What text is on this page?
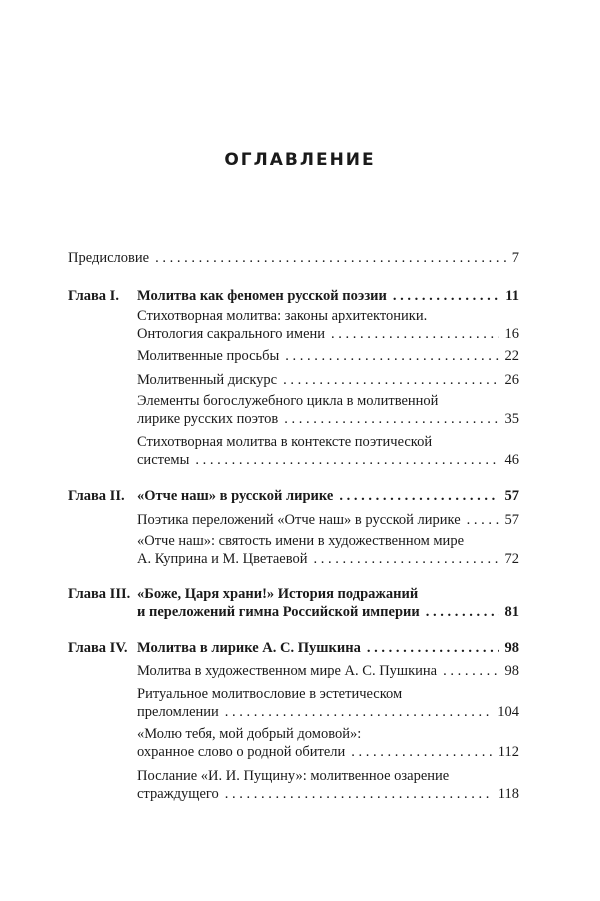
ОГЛАВЛЕНИЕ
Предисловие . . .	7
Глава I. Молитва как феномен русской поэзии . . .	11
Стихотворная молитва: законы архитектоники.
Онтология сакрального имени . . .	16
Молитвенные просьбы . . .	22
Молитвенный дискурс . . .	26
Элементы богослужебного цикла в молитвенной
лирике русских поэтов . . .	35
Стихотворная молитва в контексте поэтической
системы . . .	46
Глава II. «Отче наш» в русской лирике . . .	57
Поэтика переложений «Отче наш» в русской лирике . . .	57
«Отче наш»: святость имени в художественном мире
А. Куприна и М. Цветаевой . . .	72
Глава III. «Боже, Царя храни!» История подражаний
и переложений гимна Российской империи . . .	81
Глава IV. Молитва в лирике А. С. Пушкина . . .	98
Молитва в художественном мире А. С. Пушкина . . .	98
Ритуальное молитвословие в эстетическом
преломлении . . .	104
«Молю тебя, мой добрый домовой»:
охранное слово о родной обители . . .	112
Послание «И. И. Пущину»: молитвенное озарение
страждущего . . .	118
